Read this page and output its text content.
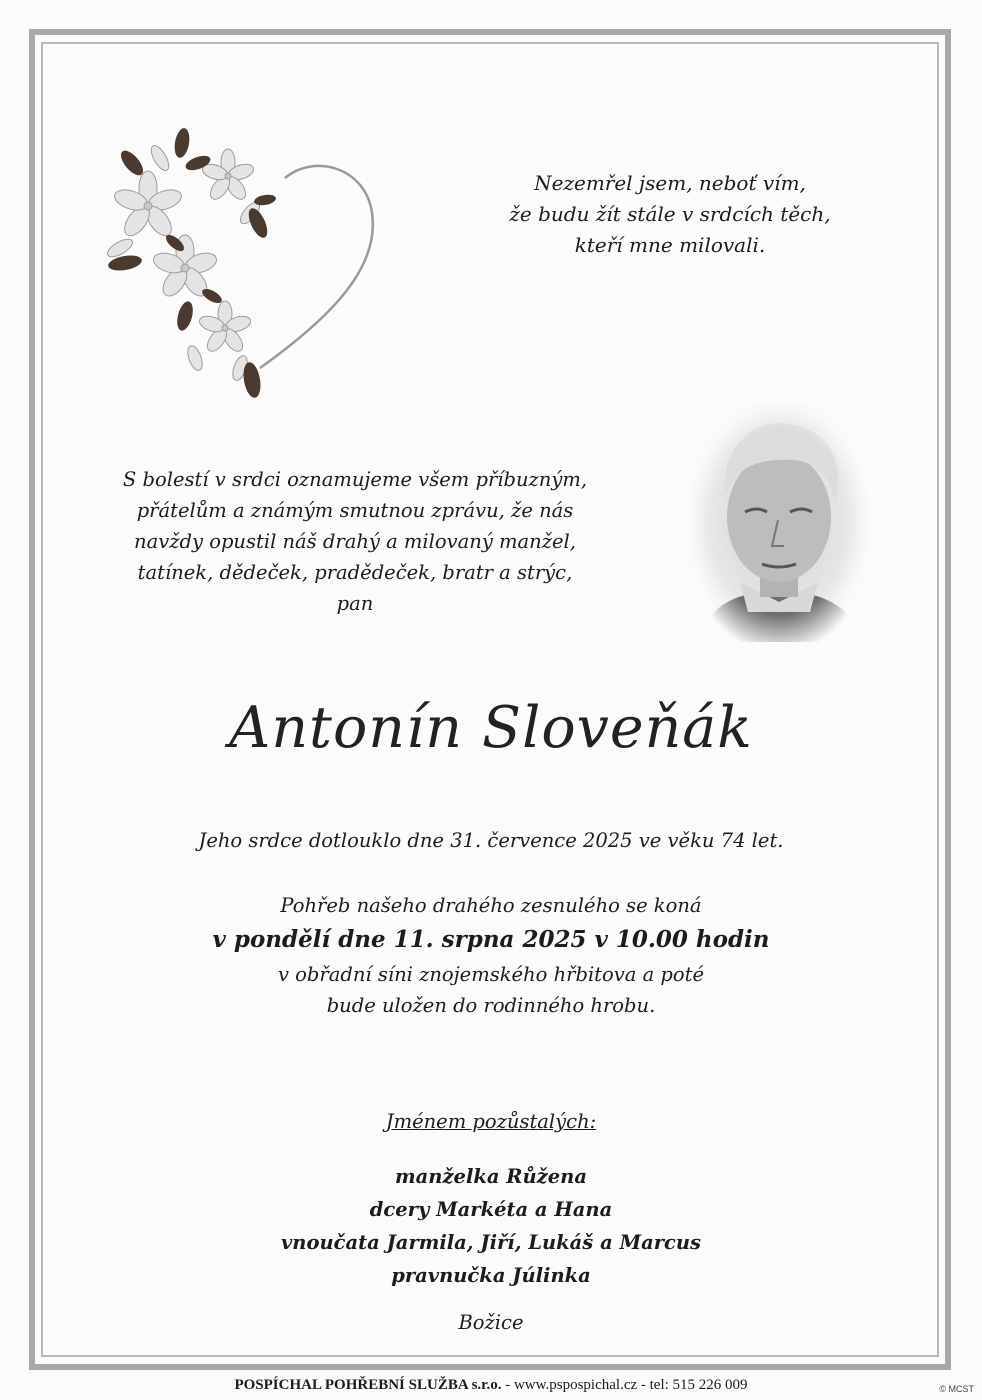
Nezemřel jsem, neboť vím,
že budu žít stále v srdcích těch,
kteří mne milovali.
S bolestí v srdci oznamujeme všem příbuzným,
přátelům a známým smutnou zprávu, že nás
navždy opustil náš drahý a milovaný manžel,
tatínek, dědeček, pradědeček, bratr a strýc,
pan
Antonín Sloveňák
Jeho srdce dotlouklo dne 31. července 2025 ve věku 74 let.
Pohřeb našeho drahého zesnulého se koná
v pondělí dne 11. srpna 2025 v 10.00 hodin
v obřadní síni znojemského hřbitova a poté
bude uložen do rodinného hrobu.
Jménem pozůstalých:
manželka Růžena
dcery Markéta a Hana
vnoučata Jarmila, Jiří, Lukáš a Marcus
pravnučka Júlinka
Božice
POSPÍCHAL POHŘEBNÍ SLUŽBA s.r.o. - www.pspospichal.cz - tel: 515 226 009	© MCST
